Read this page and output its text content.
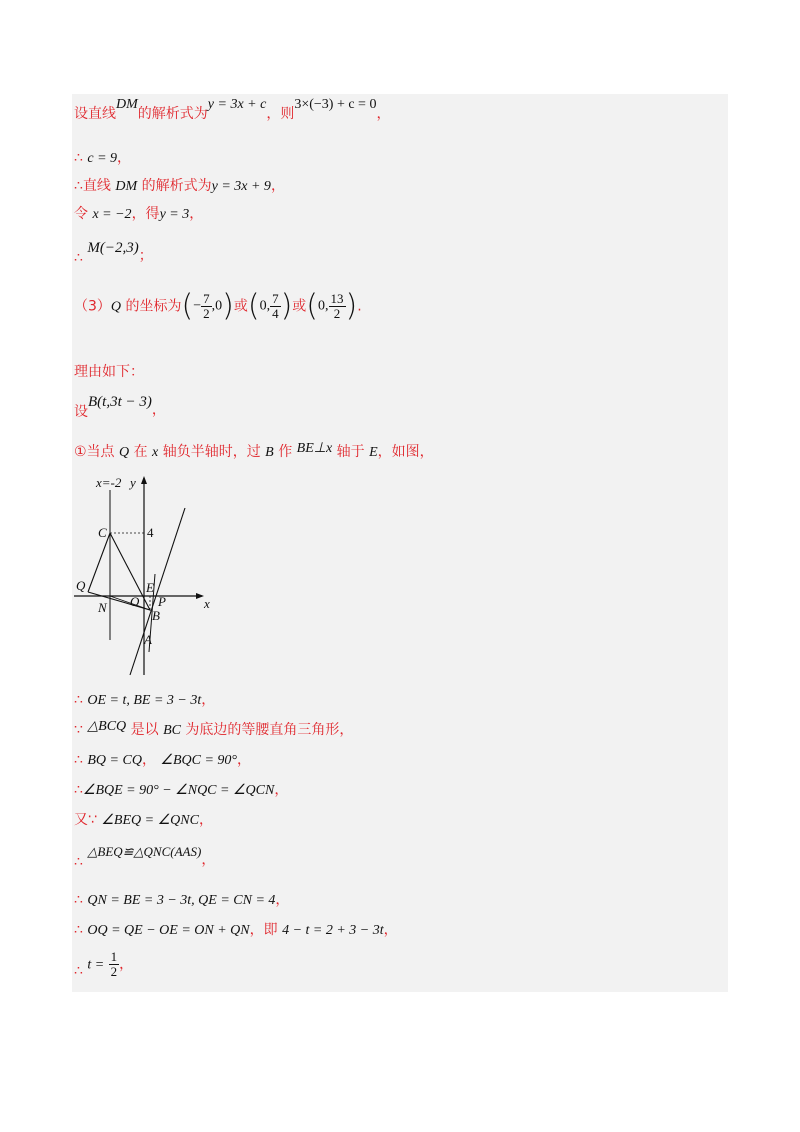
设直线DM的解析式为y = 3x + c，则3×(−3) + c = 0，
∴ c = 9，
∴直线 DM 的解析式为y = 3x + 9，
令 x = −2，得y = 3，
∴ M(−2,3)；
（3）Q 的坐标为(− $\frac{7}{2} ,0$)或(0, $\frac{7}{4}$ )或(0, $\frac{13}{2}$ ).
理由如下：
设B(t,3t − 3)，
①当点 Q 在 x 轴负半轴时，过 B 作 BE⊥x 轴于 E，如图，
x=-2 y
x
4
C
Q	E
O P
N
B
A
∴ OE = t, BE = 3 − 3t，
∵ △BCQ 是以 BC 为底边的等腰直角三角形，
∴ BQ = CQ， ∠BQC = 90°，
∴∠BQE = 90° − ∠NQC = ∠QCN，
又∵ ∠BEQ = ∠QNC，
∴ △BEQ≌△QNC(AAS)，
∴ QN = BE = 3 − 3t, QE = CN = 4，
∴ OQ = QE − OE = ON + QN，即 4 − t = 2 + 3 − 3t，
∴ $t = \frac{1}{2}$ ，
